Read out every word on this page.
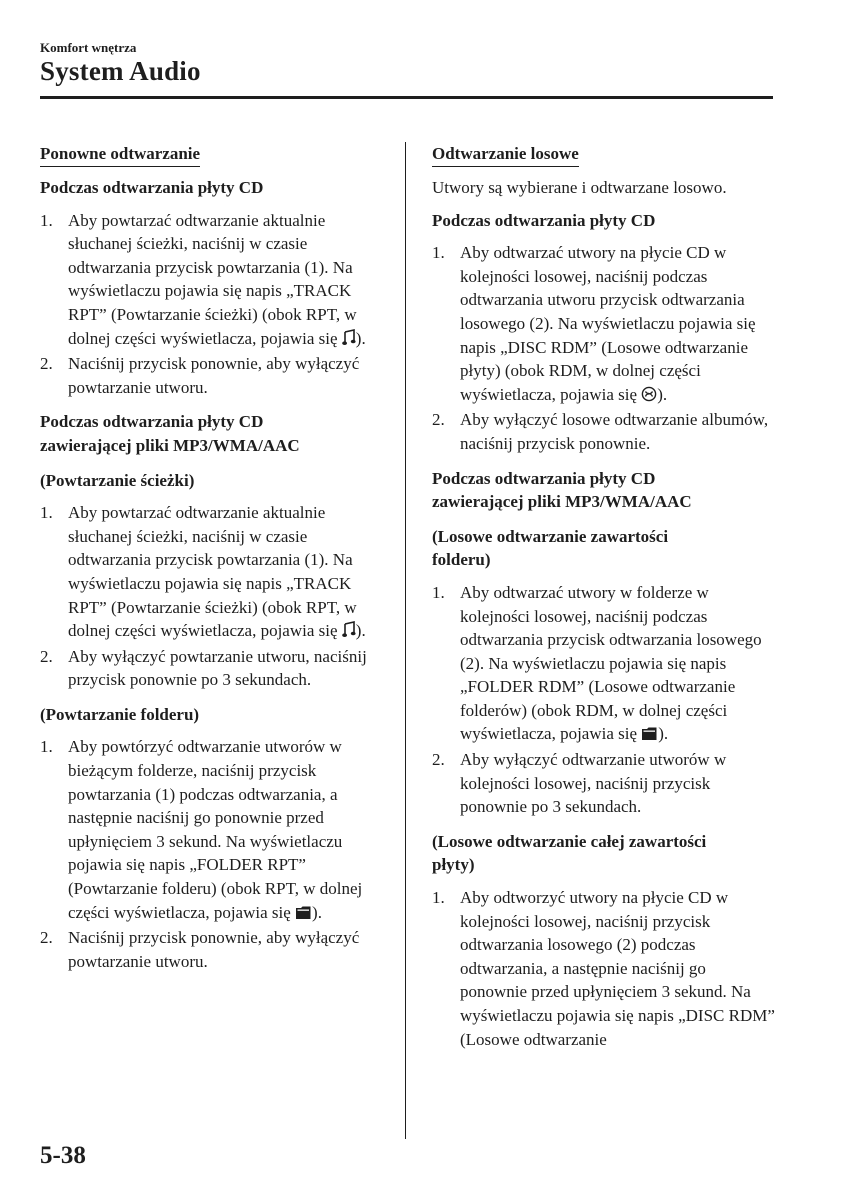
Komfort wnętrza
System Audio

Ponowne odtwarzanie

Podczas odtwarzania płyty CD

1. Aby powtarzać odtwarzanie aktualnie słuchanej ścieżki, naciśnij w czasie odtwarzania przycisk powtarzania (1). Na wyświetlaczu pojawia się napis „TRACK RPT” (Powtarzanie ścieżki) (obok RPT, w dolnej części wyświetlacza, pojawia się ).
2. Naciśnij przycisk ponownie, aby wyłączyć powtarzanie utworu.

Podczas odtwarzania płyty CD
zawierającej pliki MP3/WMA/AAC

(Powtarzanie ścieżki)

1. Aby powtarzać odtwarzanie aktualnie słuchanej ścieżki, naciśnij w czasie odtwarzania przycisk powtarzania (1). Na wyświetlaczu pojawia się napis „TRACK RPT” (Powtarzanie ścieżki) (obok RPT, w dolnej części wyświetlacza, pojawia się ).
2. Aby wyłączyć powtarzanie utworu, naciśnij przycisk ponownie po 3 sekundach.

(Powtarzanie folderu)

1. Aby powtórzyć odtwarzanie utworów w bieżącym folderze, naciśnij przycisk powtarzania (1) podczas odtwarzania, a następnie naciśnij go ponownie przed upłynięciem 3 sekund. Na wyświetlaczu pojawia się napis „FOLDER RPT” (Powtarzanie folderu) (obok RPT, w dolnej części wyświetlacza, pojawia się ).
2. Naciśnij przycisk ponownie, aby wyłączyć powtarzanie utworu.

Odtwarzanie losowe

Utwory są wybierane i odtwarzane losowo.

Podczas odtwarzania płyty CD

1. Aby odtwarzać utwory na płycie CD w kolejności losowej, naciśnij podczas odtwarzania utworu przycisk odtwarzania losowego (2). Na wyświetlaczu pojawia się napis „DISC RDM” (Losowe odtwarzanie płyty) (obok RDM, w dolnej części wyświetlacza, pojawia się ).
2. Aby wyłączyć losowe odtwarzanie albumów, naciśnij przycisk ponownie.

Podczas odtwarzania płyty CD
zawierającej pliki MP3/WMA/AAC

(Losowe odtwarzanie zawartości
folderu)

1. Aby odtwarzać utwory w folderze w kolejności losowej, naciśnij podczas odtwarzania przycisk odtwarzania losowego (2). Na wyświetlaczu pojawia się napis „FOLDER RDM” (Losowe odtwarzanie folderów) (obok RDM, w dolnej części wyświetlacza, pojawia się ).
2. Aby wyłączyć odtwarzanie utworów w kolejności losowej, naciśnij przycisk ponownie po 3 sekundach.

(Losowe odtwarzanie całej zawartości
płyty)

1. Aby odtworzyć utwory na płycie CD w kolejności losowej, naciśnij przycisk odtwarzania losowego (2) podczas odtwarzania, a następnie naciśnij go ponownie przed upłynięciem 3 sekund. Na wyświetlaczu pojawia się napis „DISC RDM” (Losowe odtwarzanie
5-38
